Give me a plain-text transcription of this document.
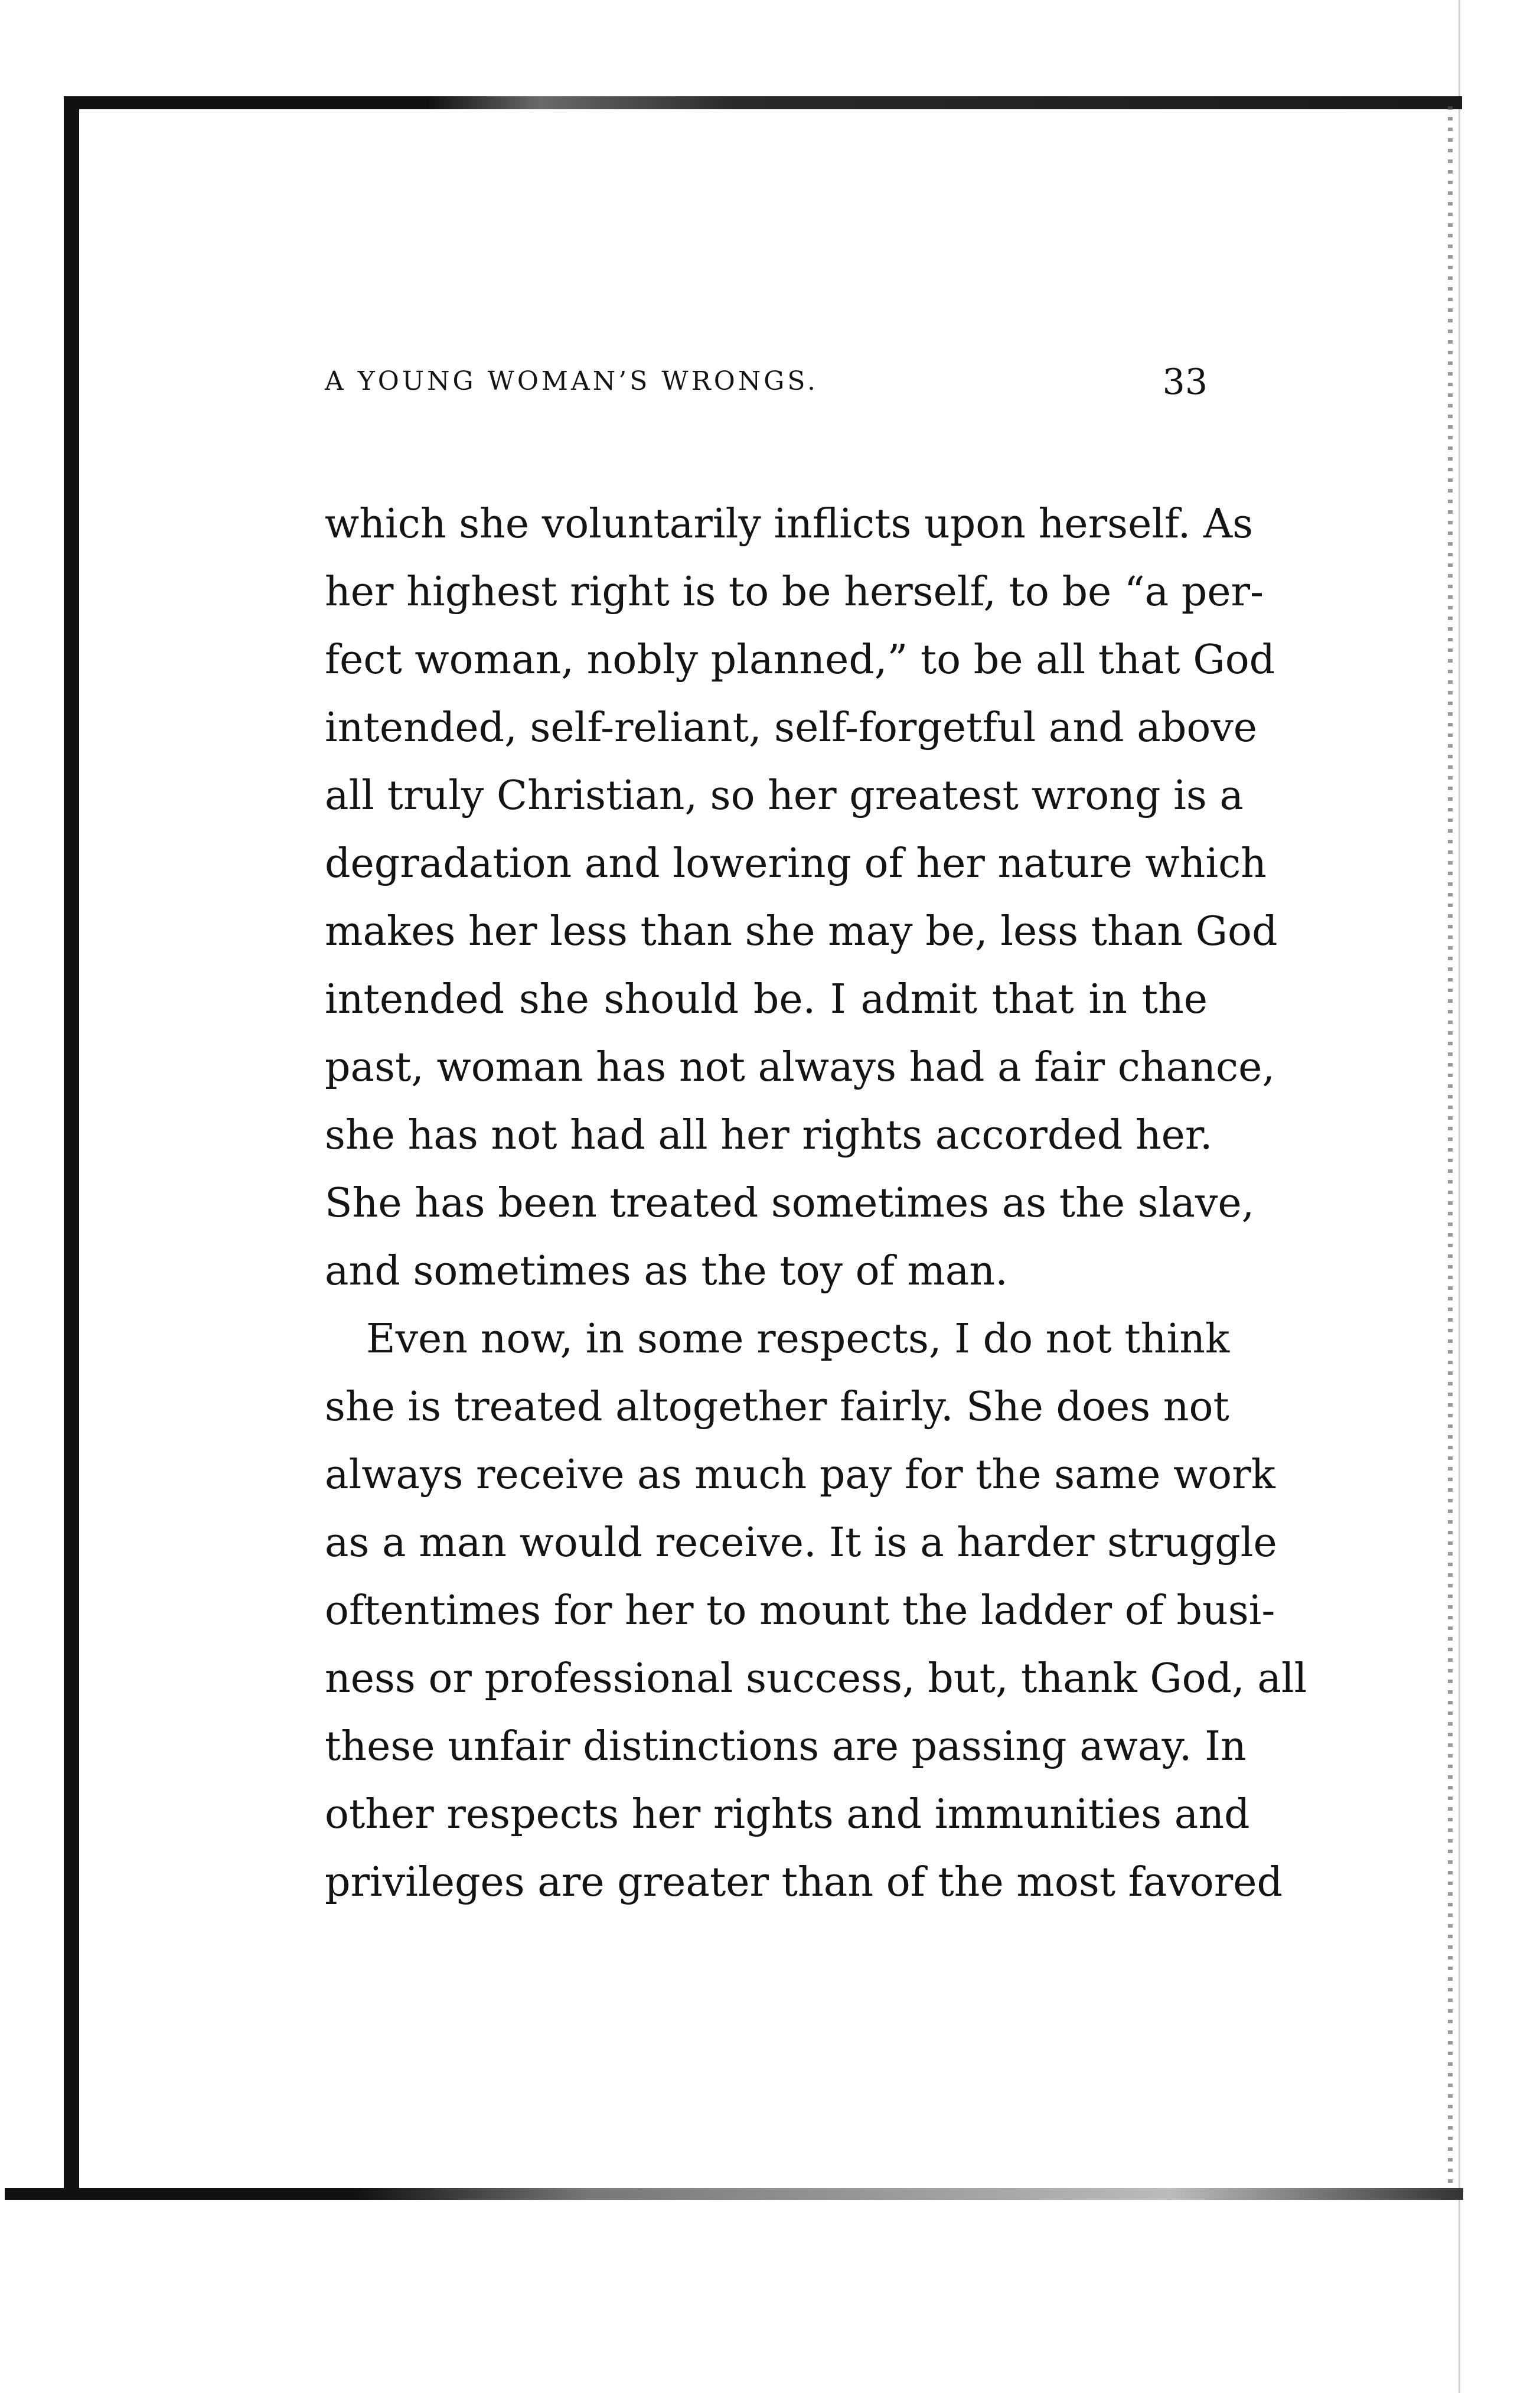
A YOUNG WOMAN’S WRONGS.	33
which she voluntarily inflicts upon herself. As
her highest right is to be herself, to be “a per-
fect woman, nobly planned,” to be all that God
intended, self-reliant, self-forgetful and above
all truly Christian, so her greatest wrong is a
degradation and lowering of her nature which
makes her less than she may be, less than God
intended she should be. I admit that in the
past, woman has not always had a fair chance,
she has not had all her rights accorded her.
She has been treated sometimes as the slave,
and sometimes as the toy of man.
Even now, in some respects, I do not think
she is treated altogether fairly. She does not
always receive as much pay for the same work
as a man would receive. It is a harder struggle
oftentimes for her to mount the ladder of busi-
ness or professional success, but, thank God, all
these unfair distinctions are passing away. In
other respects her rights and immunities and
privileges are greater than of the most favored
